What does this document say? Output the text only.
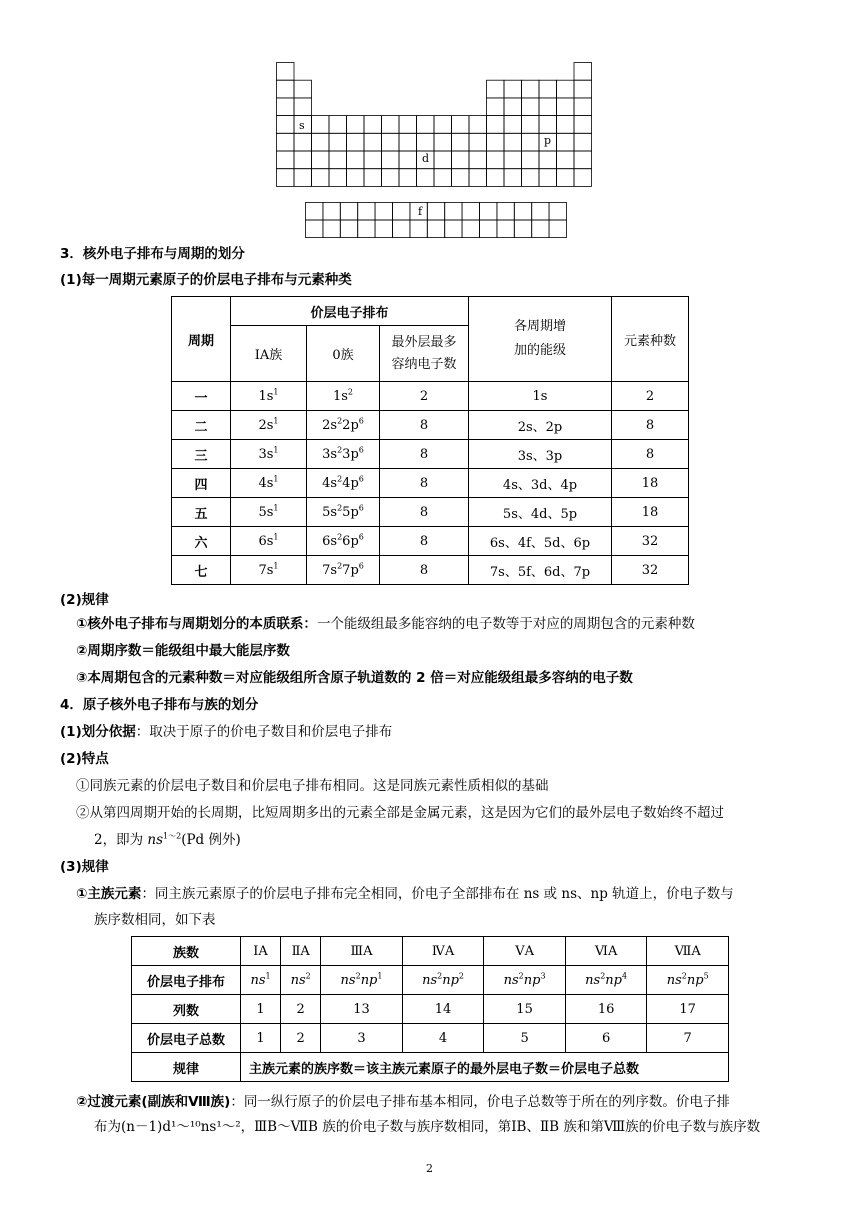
s
p
d
f
3．核外电子排布与周期的划分
(1)每一周期元素原子的价层电子排布与元素种类
周期	价层电子排布			各周期增
加的能级	元素种数
	ⅠA族	0族	最外层最多
容纳电子数		

一	$1s^1$	$1s^2$	2	1s	2
二	$2s^1$	$2s^22p^6$	8	2s、2p	8
三	$3s^1$	$3s^23p^6$	8	3s、3p	8
四	$4s^1$	$4s^24p^6$	8	4s、3d、4p	18
五	$5s^1$	$5s^25p^6$	8	5s、4d、5p	18
六	$6s^1$	$6s^26p^6$	8	6s、4f、5d、6p	32
七	$7s^1$	$7s^27p^6$	8	7s、5f、6d、7p	32
(2)规律
①核外电子排布与周期划分的本质联系：一个能级组最多能容纳的电子数等于对应的周期包含的元素种数
②周期序数＝能级组中最大能层序数
③本周期包含的元素种数＝对应能级组所含原子轨道数的 2 倍＝对应能级组最多容纳的电子数
4．原子核外电子排布与族的划分
(1)划分依据：取决于原子的价电子数目和价层电子排布
(2)特点
①同族元素的价层电子数目和价层电子排布相同。这是同族元素性质相似的基础
②从第四周期开始的长周期，比短周期多出的元素全部是金属元素，这是因为它们的最外层电子数始终不超过
2，即为 $ns^{1\sim 2}(Pd$ 例外)
(3)规律
①主族元素：同主族元素原子的价层电子排布完全相同，价电子全部排布在 ns 或 ns、np 轨道上，价电子数与
族序数相同，如下表
族数	ⅠA	ⅡA	ⅢA	ⅣA	ⅤA	ⅥA	ⅦA
价层电子排布	$ns^1$	$ns^2$	$ns^2np^1$	$ns^2np^2$	$ns^2np^3$	$ns^2np^4$	$ns^2np^5$
列数	1	2	13	14	15	16	17
价层电子总数	1	2	3	4	5	6	7
规律	主族元素的族序数＝该主族元素原子的最外层电子数＝价层电子总数						
②过渡元素(副族和Ⅷ族)：同一纵行原子的价层电子排布基本相同，价电子总数等于所在的列序数。价电子排
布为(n－1)d¹～¹⁰ns¹～²，ⅢB～ⅦB 族的价电子数与族序数相同，第ⅠB、ⅡB 族和第Ⅷ族的价电子数与族序数
2
